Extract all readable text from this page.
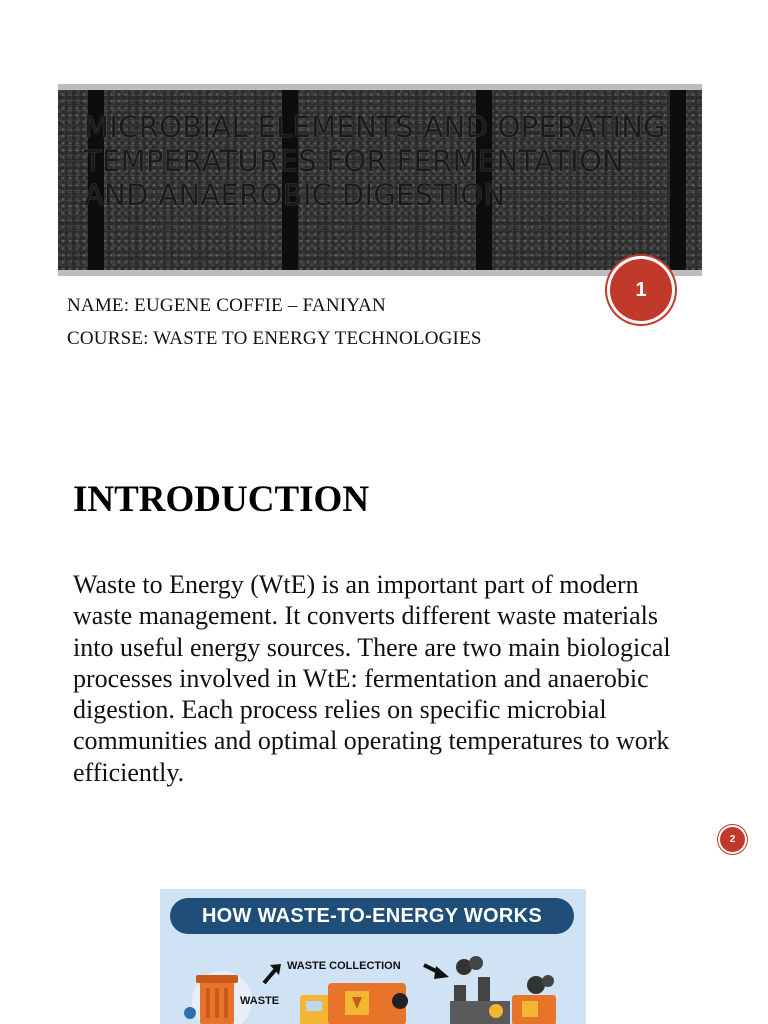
MICROBIAL ELEMENTS AND OPERATING TEMPERATURES FOR FERMENTATION AND ANAEROBIC DIGESTION
1

NAME: EUGENE COFFIE – FANIYAN

COURSE: WASTE TO ENERGY TECHNOLOGIES

INTRODUCTION

Waste to Energy (WtE) is an important part of modern waste management. It converts different waste materials into useful energy sources. There are two main biological processes involved in WtE: fermentation and anaerobic digestion. Each process relies on specific microbial communities and optimal operating temperatures to work efficiently.

2
HOW WASTE-TO-ENERGY WORKS
WASTE COLLECTION
WASTE
